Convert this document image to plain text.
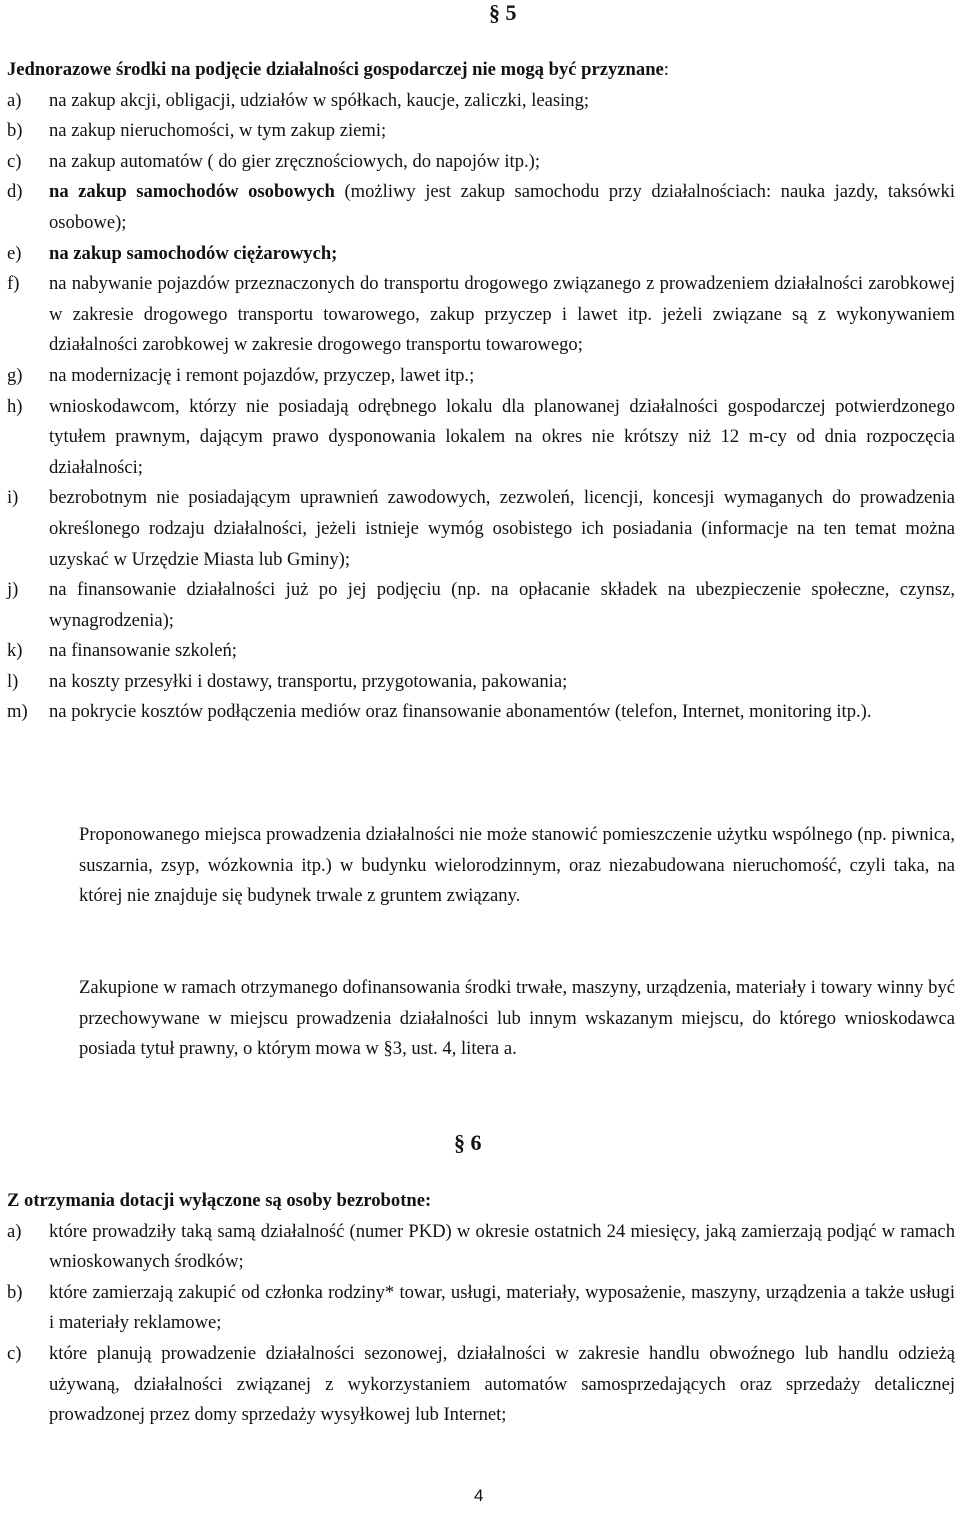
§ 5
Jednorazowe środki na podjęcie działalności gospodarczej nie mogą być przyznane:
a) na zakup akcji, obligacji, udziałów w spółkach, kaucje, zaliczki, leasing;
b) na zakup nieruchomości, w tym zakup ziemi;
c) na zakup automatów ( do gier zręcznościowych, do napojów itp.);
d) na zakup samochodów osobowych (możliwy jest zakup samochodu przy działalnościach: nauka jazdy, taksówki osobowe);
e) na zakup samochodów ciężarowych;
f) na nabywanie pojazdów przeznaczonych do transportu drogowego związanego z prowadzeniem działalności zarobkowej w zakresie drogowego transportu towarowego, zakup przyczep i lawet itp. jeżeli związane są z wykonywaniem działalności zarobkowej w zakresie drogowego transportu towarowego;
g) na modernizację i remont pojazdów, przyczep, lawet itp.;
h) wnioskodawcom, którzy nie posiadają odrębnego lokalu dla planowanej działalności gospodarczej potwierdzonego tytułem prawnym, dającym prawo dysponowania lokalem na okres nie krótszy niż 12 m-cy od dnia rozpoczęcia działalności;
i) bezrobotnym nie posiadającym uprawnień zawodowych, zezwoleń, licencji, koncesji wymaganych do prowadzenia określonego rodzaju działalności, jeżeli istnieje wymóg osobistego ich posiadania (informacje na ten temat można uzyskać w Urzędzie Miasta lub Gminy);
j) na finansowanie działalności już po jej podjęciu (np. na opłacanie składek na ubezpieczenie społeczne, czynsz, wynagrodzenia);
k) na finansowanie szkoleń;
l) na koszty przesyłki i dostawy, transportu, przygotowania, pakowania;
m) na pokrycie kosztów podłączenia mediów oraz finansowanie abonamentów (telefon, Internet, monitoring itp.).
Proponowanego miejsca prowadzenia działalności nie może stanowić pomieszczenie użytku wspólnego (np. piwnica, suszarnia, zsyp, wózkownia itp.) w budynku wielorodzinnym, oraz niezabudowana nieruchomość, czyli taka, na której nie znajduje się budynek trwale z gruntem związany.
Zakupione w ramach otrzymanego dofinansowania środki trwałe, maszyny, urządzenia, materiały i towary winny być przechowywane w miejscu prowadzenia działalności lub innym wskazanym miejscu, do którego wnioskodawca posiada tytuł prawny, o którym mowa w §3, ust. 4, litera a.
§ 6
Z otrzymania dotacji wyłączone są osoby bezrobotne:
a) które prowadziły taką samą działalność (numer PKD) w okresie ostatnich 24 miesięcy, jaką zamierzają podjąć w ramach wnioskowanych środków;
b) które zamierzają zakupić od członka rodziny* towar, usługi, materiały, wyposażenie, maszyny, urządzenia a także usługi i materiały reklamowe;
c) które planują prowadzenie działalności sezonowej, działalności w zakresie handlu obwoźnego lub handlu odzieżą używaną, działalności związanej z wykorzystaniem automatów samosprzedających oraz sprzedaży detalicznej prowadzonej przez domy sprzedaży wysyłkowej lub Internet;
4
